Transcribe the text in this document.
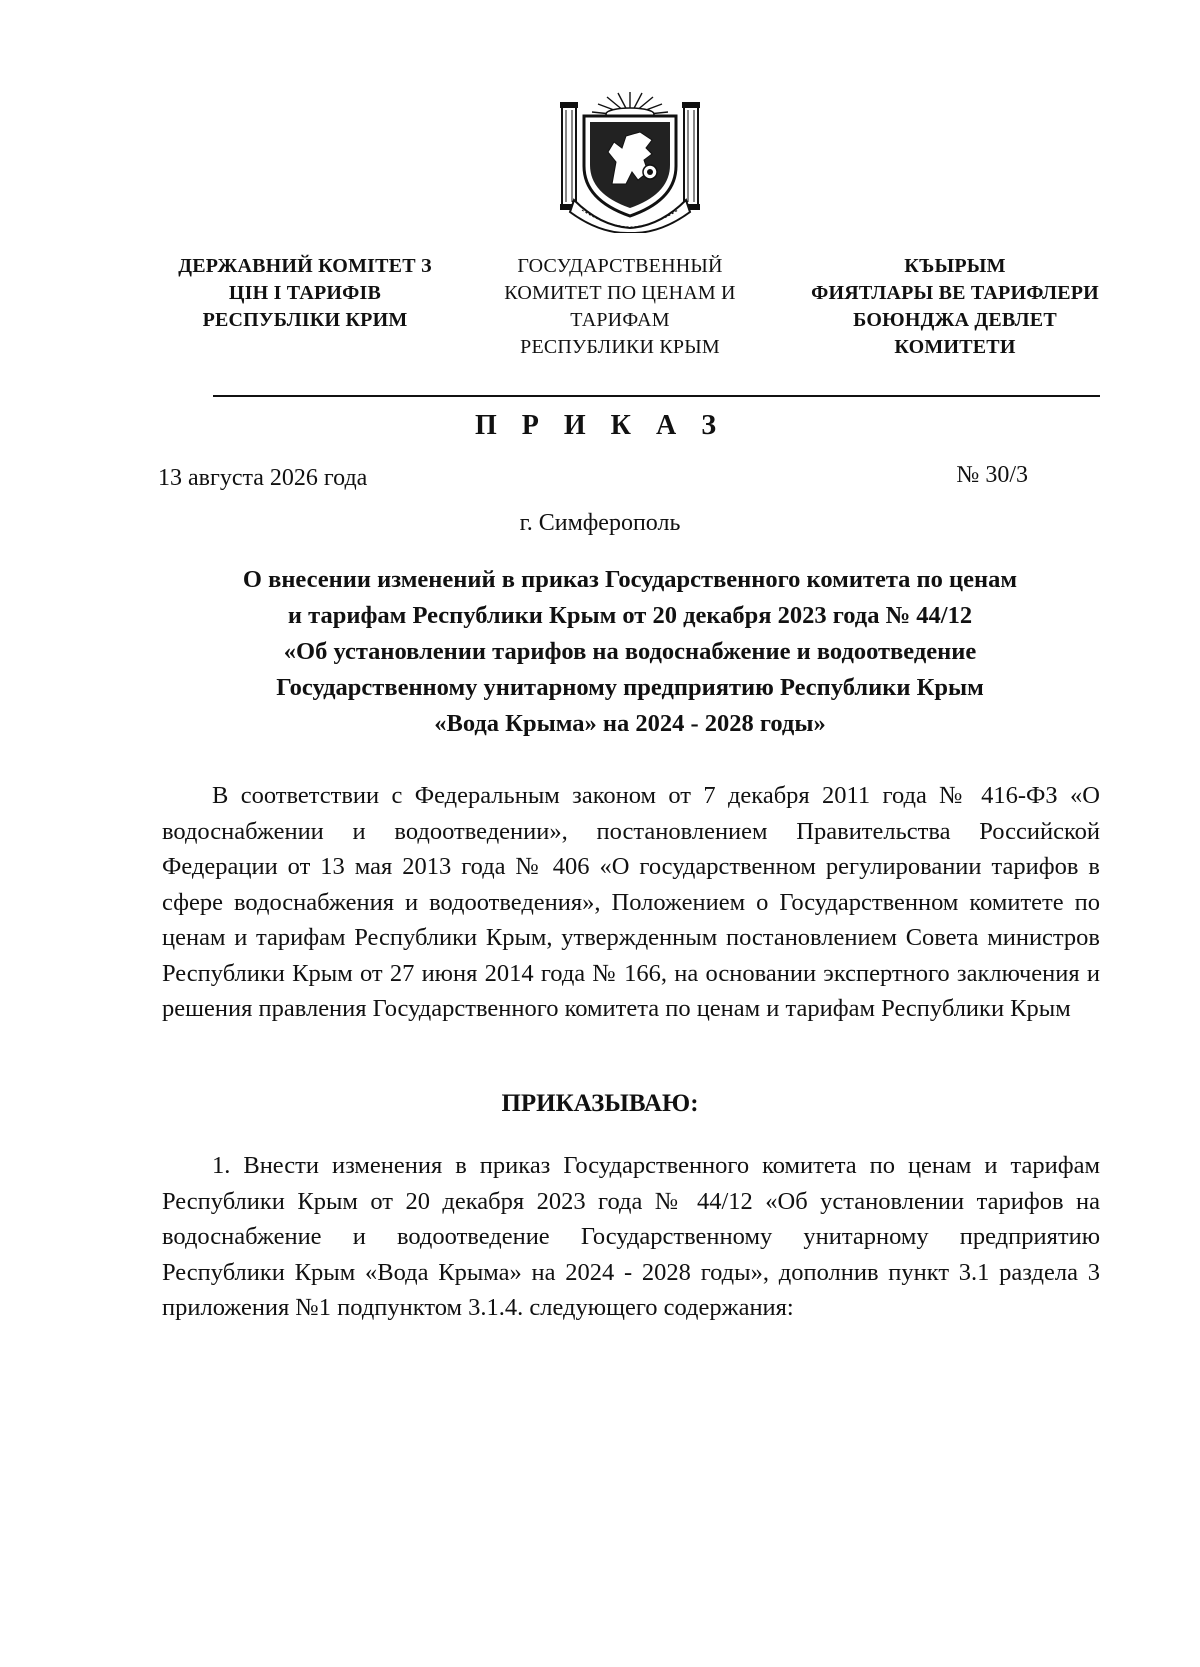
ДЕРЖАВНИЙ КОМІТЕТ З
ЦІН І ТАРИФІВ
РЕСПУБЛІКИ КРИМ
ГОСУДАРСТВЕННЫЙ
КОМИТЕТ ПО ЦЕНАМ И
ТАРИФАМ
РЕСПУБЛИКИ КРЫМ
КЪЫРЫМ
ФИЯТЛАРЫ ВЕ ТАРИФЛЕРИ
БОЮНДЖА ДЕВЛЕТ
КОМИТЕТИ
П Р И К А З
13 августа 2026 года	№ 30/3
г. Симферополь
О внесении изменений в приказ Государственного комитета по ценам
и тарифам Республики Крым от 20 декабря 2023 года № 44/12
«Об установлении тарифов на водоснабжение и водоотведение
Государственному унитарному предприятию Республики Крым
«Вода Крыма» на 2024 - 2028 годы»
В соответствии с Федеральным законом от 7 декабря 2011 года № 416-ФЗ «О водоснабжении и водоотведении», постановлением Правительства Российской Федерации от 13 мая 2013 года № 406 «О государственном регулировании тарифов в сфере водоснабжения и водоотведения», Положением о Государственном комитете по ценам и тарифам Республики Крым, утвержденным постановлением Совета министров Республики Крым от 27 июня 2014 года № 166, на основании экспертного заключения и решения правления Государственного комитета по ценам и тарифам Республики Крым
ПРИКАЗЫВАЮ:
1. Внести изменения в приказ Государственного комитета по ценам и тарифам Республики Крым от 20 декабря 2023 года № 44/12 «Об установлении тарифов на водоснабжение и водоотведение Государственному унитарному предприятию Республики Крым «Вода Крыма» на 2024 - 2028 годы», дополнив пункт 3.1 раздела 3 приложения №1 подпунктом 3.1.4. следующего содержания:
